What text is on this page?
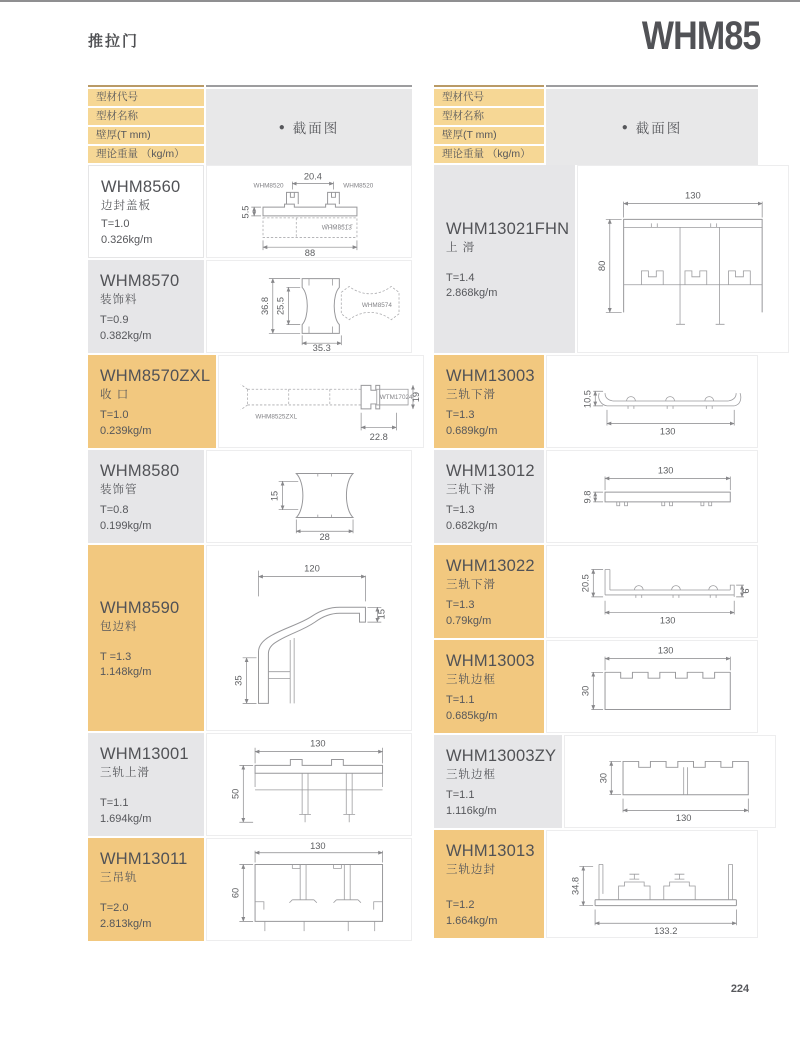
推拉门	WHM85
224
型材代号
型材名称
壁厚(T mm)
理论重量 （kg/m）
● 截面图
WHM8560
边封盖板
T=1.0
0.326kg/m
20.4
5.5
88
WHM8520	WHM8520
WHM8513
WHM8570
装饰料
T=0.9
0.382kg/m
36.8 25.5
35.3
WHM8574
WHM8570ZXL
收 口
T=1.0
0.239kg/m
19
22.8
WHM8525ZXL
WTM17024
WHM8580
装饰管
T=0.8
0.199kg/m
15
28
WHM8590
包边料
T =1.3
1.148kg/m
120
15
35
WHM13001
三轨上滑
T=1.1
1.694kg/m
130
50
WHM13011
三吊轨
T=2.0
2.813kg/m
130
60
型材代号
型材名称
壁厚(T mm)
理论重量 （kg/m）
● 截面图
WHM13021FHN
上 滑
T=1.4
2.868kg/m
130
80
WHM13003
三轨下滑
T=1.3
0.689kg/m
10.5
130
WHM13012
三轨下滑
T=1.3
0.682kg/m
130
9.8
WHM13022
三轨下滑
T=1.3
0.79kg/m
20.5
130
6
WHM13003
三轨边框
T=1.1
0.685kg/m
130
30
WHM13003ZY
三轨边框
T=1.1
1.116kg/m
30
130
WHM13013
三轨边封
T=1.2
1.664kg/m
34.8
133.2
